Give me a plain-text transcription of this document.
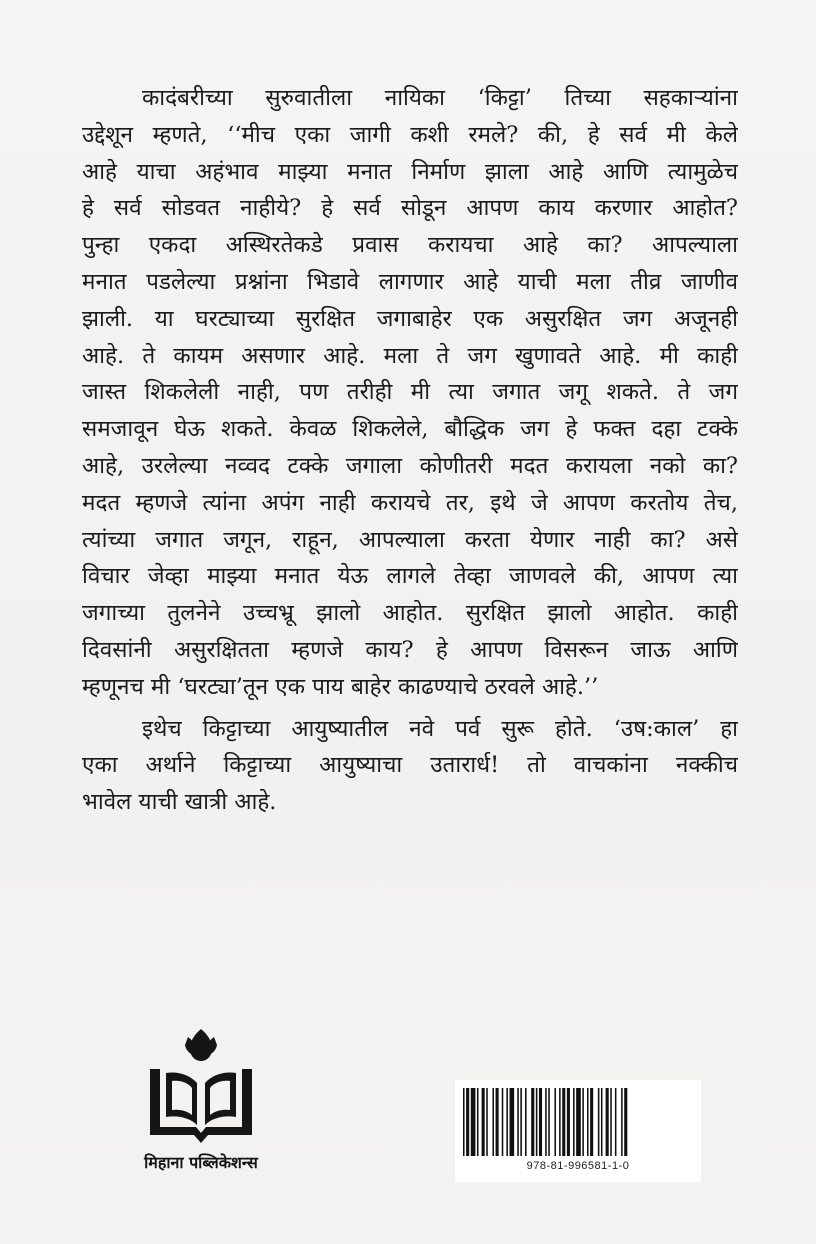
कादंबरीच्या सुरुवातीला नायिका ‘किट्टा’ तिच्या सहकाऱ्यांना
उद्देशून म्हणते, ‘‘मीच एका जागी कशी रमले? की, हे सर्व मी केले
आहे याचा अहंभाव माझ्या मनात निर्माण झाला आहे आणि त्यामुळेच
हे सर्व सोडवत नाहीये? हे सर्व सोडून आपण काय करणार आहोत?
पुन्हा एकदा अस्थिरतेकडे प्रवास करायचा आहे का? आपल्याला
मनात पडलेल्या प्रश्नांना भिडावे लागणार आहे याची मला तीव्र जाणीव
झाली. या घरट्याच्या सुरक्षित जगाबाहेर एक असुरक्षित जग अजूनही
आहे. ते कायम असणार आहे. मला ते जग खुणावते आहे. मी काही
जास्त शिकलेली नाही, पण तरीही मी त्या जगात जगू शकते. ते जग
समजावून घेऊ शकते. केवळ शिकलेले, बौद्धिक जग हे फक्त दहा टक्के
आहे, उरलेल्या नव्वद टक्के जगाला कोणीतरी मदत करायला नको का?
मदत म्हणजे त्यांना अपंग नाही करायचे तर, इथे जे आपण करतोय तेच,
त्यांच्या जगात जगून, राहून, आपल्याला करता येणार नाही का? असे
विचार जेव्हा माझ्या मनात येऊ लागले तेव्हा जाणवले की, आपण त्या
जगाच्या तुलनेने उच्चभ्रू झालो आहोत. सुरक्षित झालो आहोत. काही
दिवसांनी असुरक्षितता म्हणजे काय? हे आपण विसरून जाऊ आणि
म्हणूनच मी ‘घरट्या’तून एक पाय बाहेर काढण्याचे ठरवले आहे.’’
इथेच किट्टाच्या आयुष्यातील नवे पर्व सुरू होते. ‘उष:काल’ हा
एका अर्थाने किट्टाच्या आयुष्याचा उतारार्ध! तो वाचकांना नक्कीच
भावेल याची खात्री आहे.
मिहाना पब्लिकेशन्स	978-81-996581-1-0
